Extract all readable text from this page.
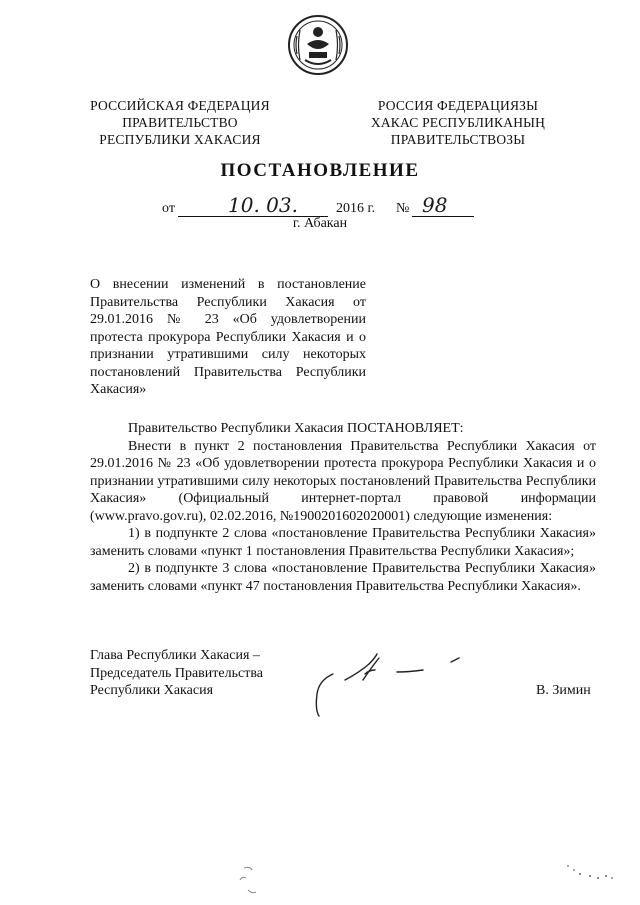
РОССИЙСКАЯ ФЕДЕРАЦИЯ
ПРАВИТЕЛЬСТВО
РЕСПУБЛИКИ ХАКАСИЯ
РОССИЯ ФЕДЕРАЦИЯЗЫ
ХАКАС РЕСПУБЛИКАНЫҢ
ПРАВИТЕЛЬСТВОЗЫ
ПОСТАНОВЛЕНИЕ
от	10. 03.	2016 г. № 98
г. Абакан
О внесении изменений в постановление Правительства Республики Хакасия от 29.01.2016 № 23 «Об удовлетворении протеста прокурора Республики Хакасия и о признании утратившими силу некоторых постановлений Правительства Республики Хакасия»

Правительство Республики Хакасия ПОСТАНОВЛЯЕТ:

Внести в пункт 2 постановления Правительства Республики Хакасия от 29.01.2016 № 23 «Об удовлетворении протеста прокурора Республики Хакасия и о признании утратившими силу некоторых постановлений Правительства Республики Хакасия» (Официальный интернет-портал правовой информации (www.pravo.gov.ru), 02.02.2016, №1900201602020001) следующие изменения:

1) в подпункте 2 слова «постановление Правительства Республики Хакасия» заменить словами «пункт 1 постановления Правительства Республики Хакасия»;

2) в подпункте 3 слова «постановление Правительства Республики Хакасия» заменить словами «пункт 47 постановления Правительства Республики Хакасия».

Глава Республики Хакасия –
Председатель Правительства
Республики Хакасия	В. Зимин
